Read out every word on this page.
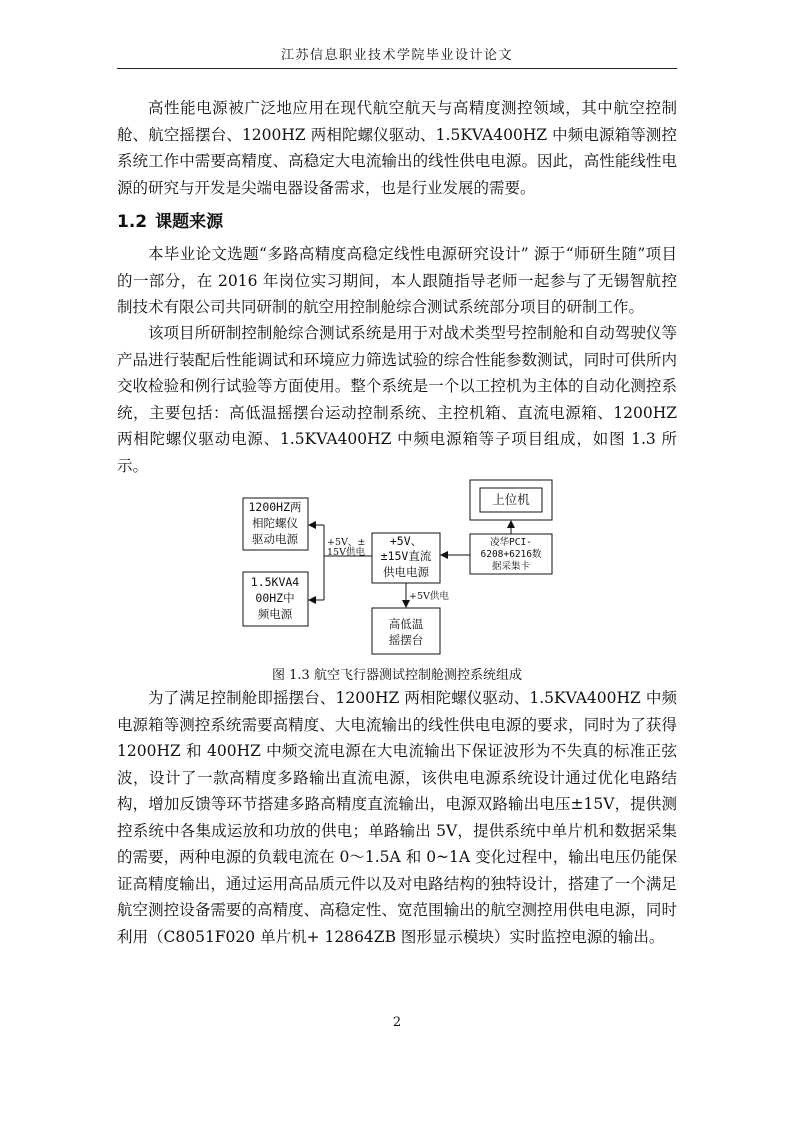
江苏信息职业技术学院毕业设计论文

高性能电源被广泛地应用在现代航空航天与高精度测控领域，其中航空控制舱、航空摇摆台、1200HZ 两相陀螺仪驱动、1.5KVA400HZ 中频电源箱等测控系统工作中需要高精度、高稳定大电流输出的线性供电电源。因此，高性能线性电源的研究与开发是尖端电器设备需求，也是行业发展的需要。

1.2 课题来源

本毕业论文选题“多路高精度高稳定线性电源研究设计” 源于“师研生随”项目的一部分，在 2016 年岗位实习期间，本人跟随指导老师一起参与了无锡智航控制技术有限公司共同研制的航空用控制舱综合测试系统部分项目的研制工作。

该项目所研制控制舱综合测试系统是用于对战术类型号控制舱和自动驾驶仪等产品进行装配后性能调试和环境应力筛选试验的综合性能参数测试，同时可供所内交收检验和例行试验等方面使用。整个系统是一个以工控机为主体的自动化测控系统，主要包括：高低温摇摆台运动控制系统、主控机箱、直流电源箱、1200HZ 两相陀螺仪驱动电源、1.5KVA400HZ 中频电源箱等子项目组成，如图 1.3 所示。

1200HZ两
相陀螺仪
驱动电源
1.5KVA4
00HZ中
频电源
+5V、
±15V直流
供电电源
上位机
凌华PCI-
6208+6216数
据采集卡
高低温
摇摆台
+5V、±
15V供电
+5V供电
图 1.3 航空飞行器测试控制舱测控系统组成

为了满足控制舱即摇摆台、1200HZ 两相陀螺仪驱动、1.5KVA400HZ 中频电源箱等测控系统需要高精度、大电流输出的线性供电电源的要求，同时为了获得 1200HZ 和 400HZ 中频交流电源在大电流输出下保证波形为不失真的标准正弦波，设计了一款高精度多路输出直流电源，该供电电源系统设计通过优化电路结构，增加反馈等环节搭建多路高精度直流输出，电源双路输出电压±15V，提供测控系统中各集成运放和功放的供电；单路输出 5V，提供系统中单片机和数据采集的需要，两种电源的负载电流在 0～1.5A 和 0~1A 变化过程中，输出电压仍能保证高精度输出，通过运用高品质元件以及对电路结构的独特设计，搭建了一个满足航空测控设备需要的高精度、高稳定性、宽范围输出的航空测控用供电电源，同时利用（C8051F020 单片机+ 12864ZB 图形显示模块）实时监控电源的输出。

2
